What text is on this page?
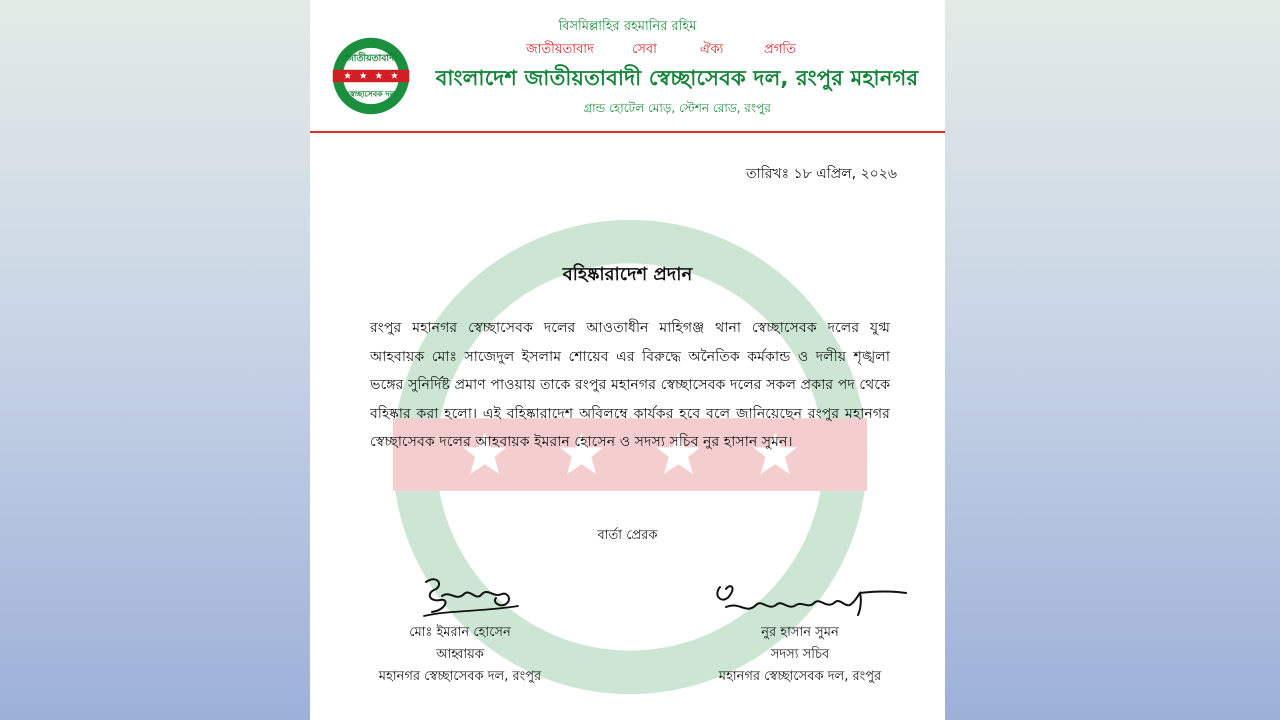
জাতীয়তাবাদী
স্বেচ্ছাসেবক দল
বিসমিল্লাহির রহমানির রহিম
জাতীয়তাবাদ	সেবা	ঐক্য	প্রগতি
বাংলাদেশ জাতীয়তাবাদী স্বেচ্ছাসেবক দল, রংপুর মহানগর
গ্রান্ড হোটেল মোড়, স্টেশন রোড, রংপুর
তারিখঃ ১৮ এপ্রিল, ২০২৬
বহিষ্কারাদেশ প্রদান
রংপুর মহানগর স্বেচ্ছাসেবক দলের আওতাধীন মাহিগঞ্জ থানা স্বেচ্ছাসেবক দলের যুগ্ম আহবায়ক মোঃ সাজেদুল ইসলাম শোয়েব এর বিরুদ্ধে অনৈতিক কর্মকান্ড ও দলীয় শৃঙ্খলা ভঙ্গের সুনির্দিষ্ট প্রমাণ পাওয়ায় তাকে রংপুর মহানগর স্বেচ্ছাসেবক দলের সকল প্রকার পদ থেকে বহিষ্কার করা হলো। এই বহিষ্কারাদেশ অবিলম্বে কার্যকর হবে বলে জানিয়েছেন রংপুর মহানগর স্বেচ্ছাসেবক দলের আহবায়ক ইমরান হোসেন ও সদস্য সচিব নুর হাসান সুমন।
বার্তা প্রেরক
মোঃ ইমরান হোসেন
আহ্বায়ক
মহানগর স্বেচ্ছাসেবক দল, রংপুর
নুর হাসান সুমন
সদস্য সচিব
মহানগর স্বেচ্ছাসেবক দল, রংপুর
